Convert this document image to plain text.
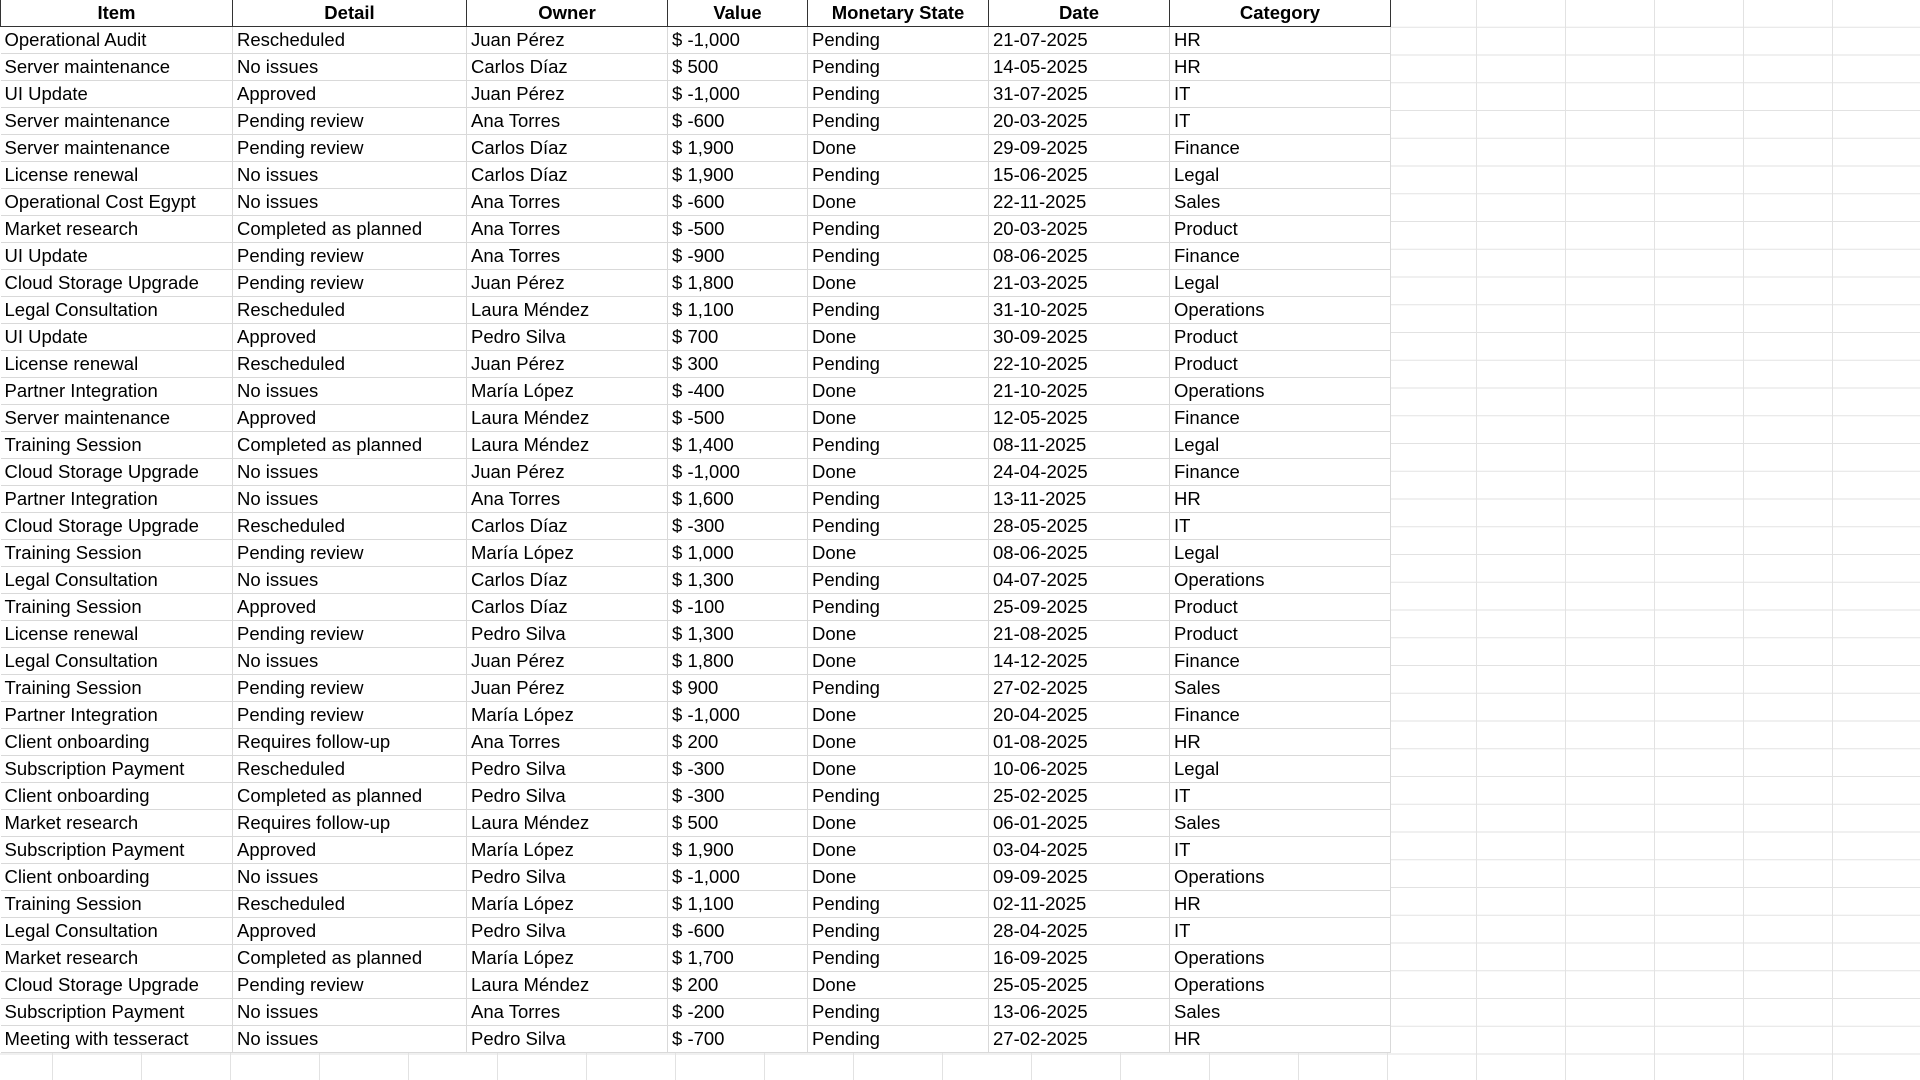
Item	Detail	Owner	Value	Monetary State	Date	Category
Operational Audit	Rescheduled	Juan Pérez	$ -1,000	Pending	21-07-2025	HR
Server maintenance	No issues	Carlos Díaz	$ 500	Pending	14-05-2025	HR
UI Update	Approved	Juan Pérez	$ -1,000	Pending	31-07-2025	IT
Server maintenance	Pending review	Ana Torres	$ -600	Pending	20-03-2025	IT
Server maintenance	Pending review	Carlos Díaz	$ 1,900	Done	29-09-2025	Finance
License renewal	No issues	Carlos Díaz	$ 1,900	Pending	15-06-2025	Legal
Operational Cost Egypt	No issues	Ana Torres	$ -600	Done	22-11-2025	Sales
Market research	Completed as planned	Ana Torres	$ -500	Pending	20-03-2025	Product
UI Update	Pending review	Ana Torres	$ -900	Pending	08-06-2025	Finance
Cloud Storage Upgrade	Pending review	Juan Pérez	$ 1,800	Done	21-03-2025	Legal
Legal Consultation	Rescheduled	Laura Méndez	$ 1,100	Pending	31-10-2025	Operations
UI Update	Approved	Pedro Silva	$ 700	Done	30-09-2025	Product
License renewal	Rescheduled	Juan Pérez	$ 300	Pending	22-10-2025	Product
Partner Integration	No issues	María López	$ -400	Done	21-10-2025	Operations
Server maintenance	Approved	Laura Méndez	$ -500	Done	12-05-2025	Finance
Training Session	Completed as planned	Laura Méndez	$ 1,400	Pending	08-11-2025	Legal
Cloud Storage Upgrade	No issues	Juan Pérez	$ -1,000	Done	24-04-2025	Finance
Partner Integration	No issues	Ana Torres	$ 1,600	Pending	13-11-2025	HR
Cloud Storage Upgrade	Rescheduled	Carlos Díaz	$ -300	Pending	28-05-2025	IT
Training Session	Pending review	María López	$ 1,000	Done	08-06-2025	Legal
Legal Consultation	No issues	Carlos Díaz	$ 1,300	Pending	04-07-2025	Operations
Training Session	Approved	Carlos Díaz	$ -100	Pending	25-09-2025	Product
License renewal	Pending review	Pedro Silva	$ 1,300	Done	21-08-2025	Product
Legal Consultation	No issues	Juan Pérez	$ 1,800	Done	14-12-2025	Finance
Training Session	Pending review	Juan Pérez	$ 900	Pending	27-02-2025	Sales
Partner Integration	Pending review	María López	$ -1,000	Done	20-04-2025	Finance
Client onboarding	Requires follow-up	Ana Torres	$ 200	Done	01-08-2025	HR
Subscription Payment	Rescheduled	Pedro Silva	$ -300	Done	10-06-2025	Legal
Client onboarding	Completed as planned	Pedro Silva	$ -300	Pending	25-02-2025	IT
Market research	Requires follow-up	Laura Méndez	$ 500	Done	06-01-2025	Sales
Subscription Payment	Approved	María López	$ 1,900	Done	03-04-2025	IT
Client onboarding	No issues	Pedro Silva	$ -1,000	Done	09-09-2025	Operations
Training Session	Rescheduled	María López	$ 1,100	Pending	02-11-2025	HR
Legal Consultation	Approved	Pedro Silva	$ -600	Pending	28-04-2025	IT
Market research	Completed as planned	María López	$ 1,700	Pending	16-09-2025	Operations
Cloud Storage Upgrade	Pending review	Laura Méndez	$ 200	Done	25-05-2025	Operations
Subscription Payment	No issues	Ana Torres	$ -200	Pending	13-06-2025	Sales
Meeting with tesseract	No issues	Pedro Silva	$ -700	Pending	27-02-2025	HR
